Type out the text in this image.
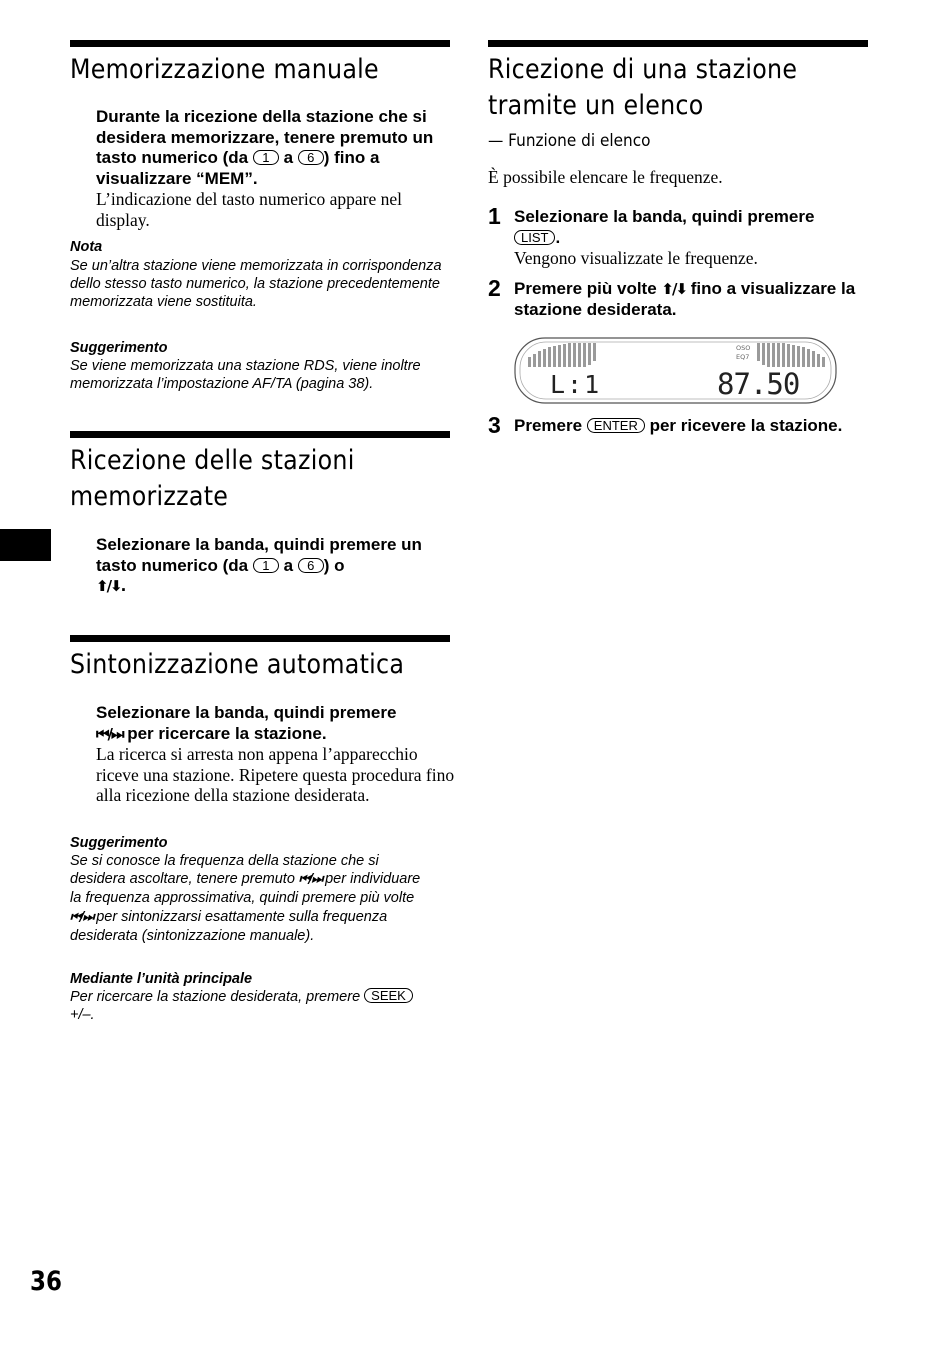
Memorizzazione manuale
Durante la ricezione della stazione che si desidera memorizzare, tenere premuto un tasto numerico (da 1 a 6 ) fino a visualizzare “MEM”.
L’indicazione del tasto numerico appare nel display.
Nota
Se un’altra stazione viene memorizzata in corrispondenza dello stesso tasto numerico, la stazione precedentemente memorizzata viene sostituita.
Suggerimento
Se viene memorizzata una stazione RDS, viene inoltre memorizzata l’impostazione AF/TA (pagina 38).
Ricezione delle stazioni
memorizzate
Selezionare la banda, quindi premere un tasto numerico (da 1 a 6 ) o
⬆/⬇.
Sintonizzazione automatica
Selezionare la banda, quindi premere
⏮/⏭ per ricercare la stazione.
La ricerca si arresta non appena l’apparecchio riceve una stazione. Ripetere questa procedura fino alla ricezione della stazione desiderata.
Suggerimento
Se si conosce la frequenza della stazione che si desidera ascoltare, tenere premuto ⏮/⏭ per individuare la frequenza approssimativa, quindi premere più volte ⏮/⏭ per sintonizzarsi esattamente sulla frequenza desiderata (sintonizzazione manuale).
Mediante l’unità principale
Per ricercare la stazione desiderata, premere SEEK
+/–.
Ricezione di una stazione
tramite un elenco
— Funzione di elenco
È possibile elencare le frequenze.
1 Selezionare la banda, quindi premere
LIST .
Vengono visualizzate le frequenze.
2 Premere più volte ⬆/⬇ fino a visualizzare la stazione desiderata.
OSO
EQ7
L:1	87.50
3 Premere ENTER per ricevere la stazione.
36
